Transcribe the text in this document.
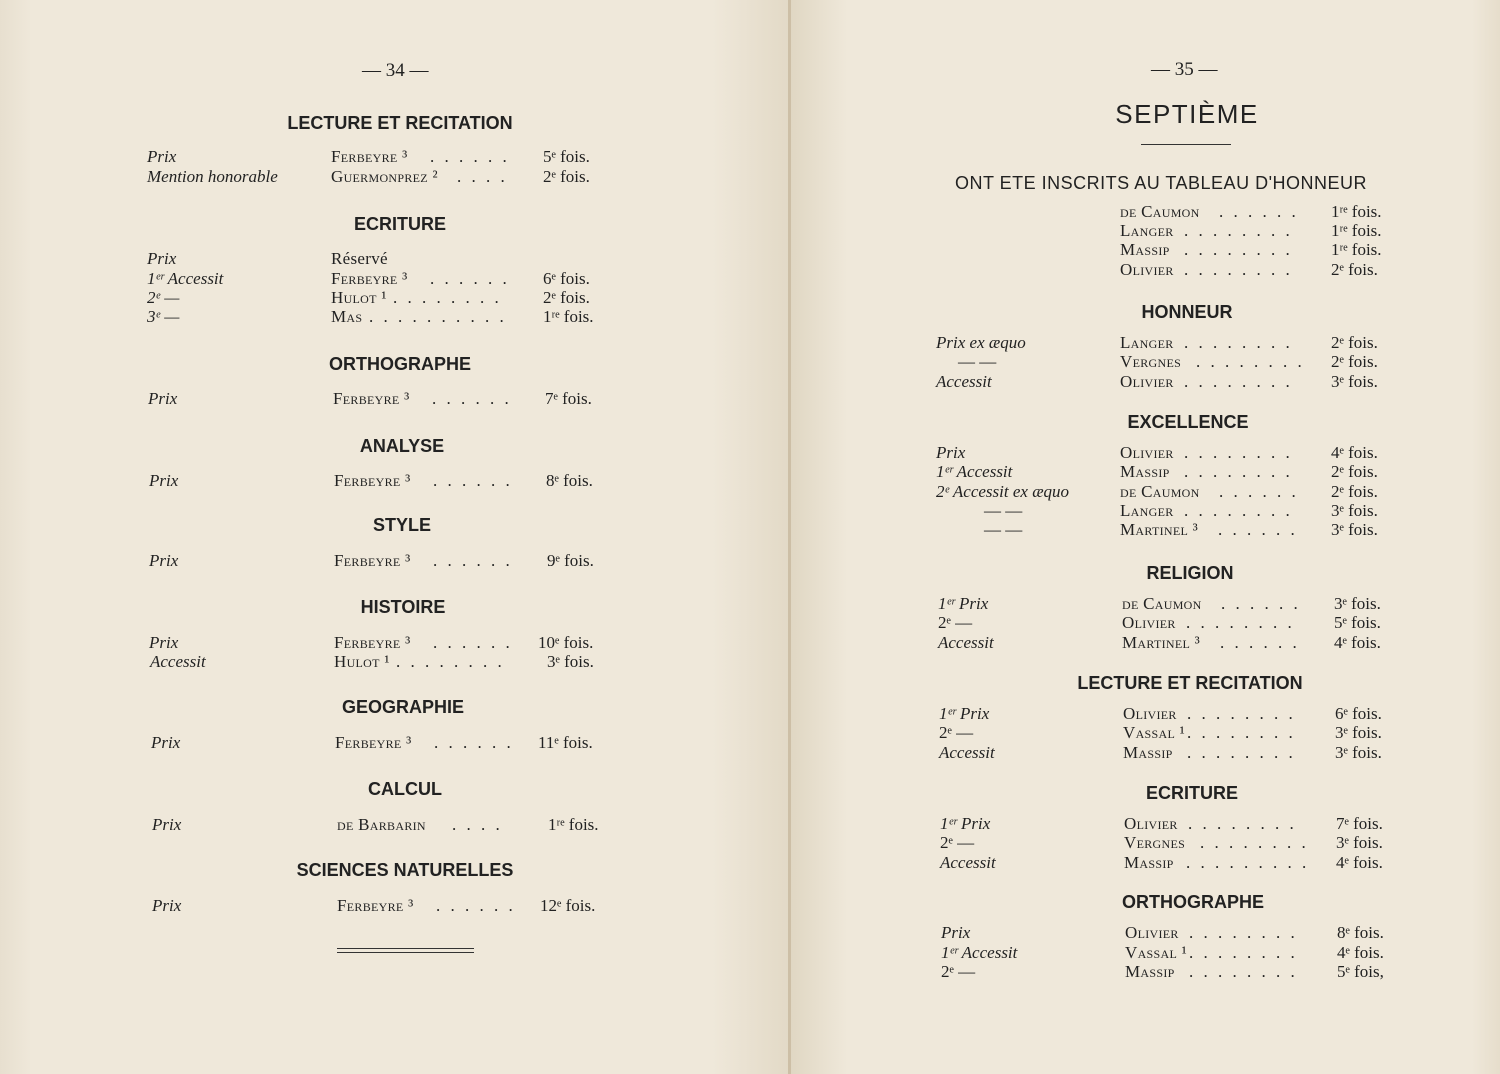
— 34 —
LECTURE ET RECITATION
Prix	Ferbeyre ³ . . . . . . 5ᵉ fois.
Mention honorable	Guermonprez ² . . . . 2ᵉ fois.
ECRITURE
Prix	Réservé
1ᵉʳ Accessit	Ferbeyre ³ . . . . . . 6ᵉ fois.
2ᵉ —	Hulot ¹ . . . . . . . . 2ᵉ fois.
3ᵉ —	Mas . . . . . . . . . . 1ʳᵉ fois.
ORTHOGRAPHE
Prix	Ferbeyre ³ . . . . . . 7ᵉ fois.
ANALYSE
Prix	Ferbeyre ³ . . . . . . 8ᵉ fois.
STYLE
Prix	Ferbeyre ³ . . . . . . 9ᵉ fois.
HISTOIRE
Prix	Ferbeyre ³ . . . . . . 10ᵉ fois.
Accessit	Hulot ¹ . . . . . . . . 3ᵉ fois.
GEOGRAPHIE
Prix	Ferbeyre ³ . . . . . . 11ᵉ fois.
CALCUL
Prix	de Barbarin . . . .	1ʳᵉ fois.
SCIENCES NATURELLES
Prix	Ferbeyre ³ . . . . . . 12ᵉ fois.
— 35 —
SEPTIÈME
ONT ETE INSCRITS AU TABLEAU D'HONNEUR
de Caumon . . . . . . 1ʳᵉ fois.
Langer . . . . . . . . 1ʳᵉ fois.
Massip . . . . . . . . 1ʳᵉ fois.
Olivier . . . . . . . . 2ᵉ fois.
HONNEUR
Prix ex æquo	Langer . . . . . . . . 2ᵉ fois.
— —	Vergnes . . . . . . . . 2ᵉ fois.
Accessit	Olivier . . . . . . . . 3ᵉ fois.
EXCELLENCE
Prix	Olivier . . . . . . . . 4ᵉ fois.
1ᵉʳ Accessit	Massip . . . . . . . . 2ᵉ fois.
2ᵉ Accessit ex æquo	de Caumon . . . . . . 2ᵉ fois.
— —	Langer . . . . . . . . 3ᵉ fois.
— —	Martinel ³ . . . . . . 3ᵉ fois.
RELIGION
1ᵉʳ Prix	de Caumon . . . . . . 3ᵉ fois.
2ᵉ —	Olivier . . . . . . . . 5ᵉ fois.
Accessit	Martinel ³ . . . . . . 4ᵉ fois.
LECTURE ET RECITATION
1ᵉʳ Prix	Olivier . . . . . . . . 6ᵉ fois.
2ᵉ —	Vassal ¹ . . . . . . . . 3ᵉ fois.
Accessit	Massip . . . . . . . . 3ᵉ fois.
ECRITURE
1ᵉʳ Prix	Olivier . . . . . . . . 7ᵉ fois.
2ᵉ —	Vergnes . . . . . . . . 3ᵉ fois.
Accessit	Massip . . . . . . . . . 4ᵉ fois.
ORTHOGRAPHE
Prix	Olivier . . . . . . . . 8ᵉ fois.
1ᵉʳ Accessit	Vassal ¹ . . . . . . . . 4ᵉ fois.
2ᵉ —	Massip . . . . . . . . 5ᵉ fois,
